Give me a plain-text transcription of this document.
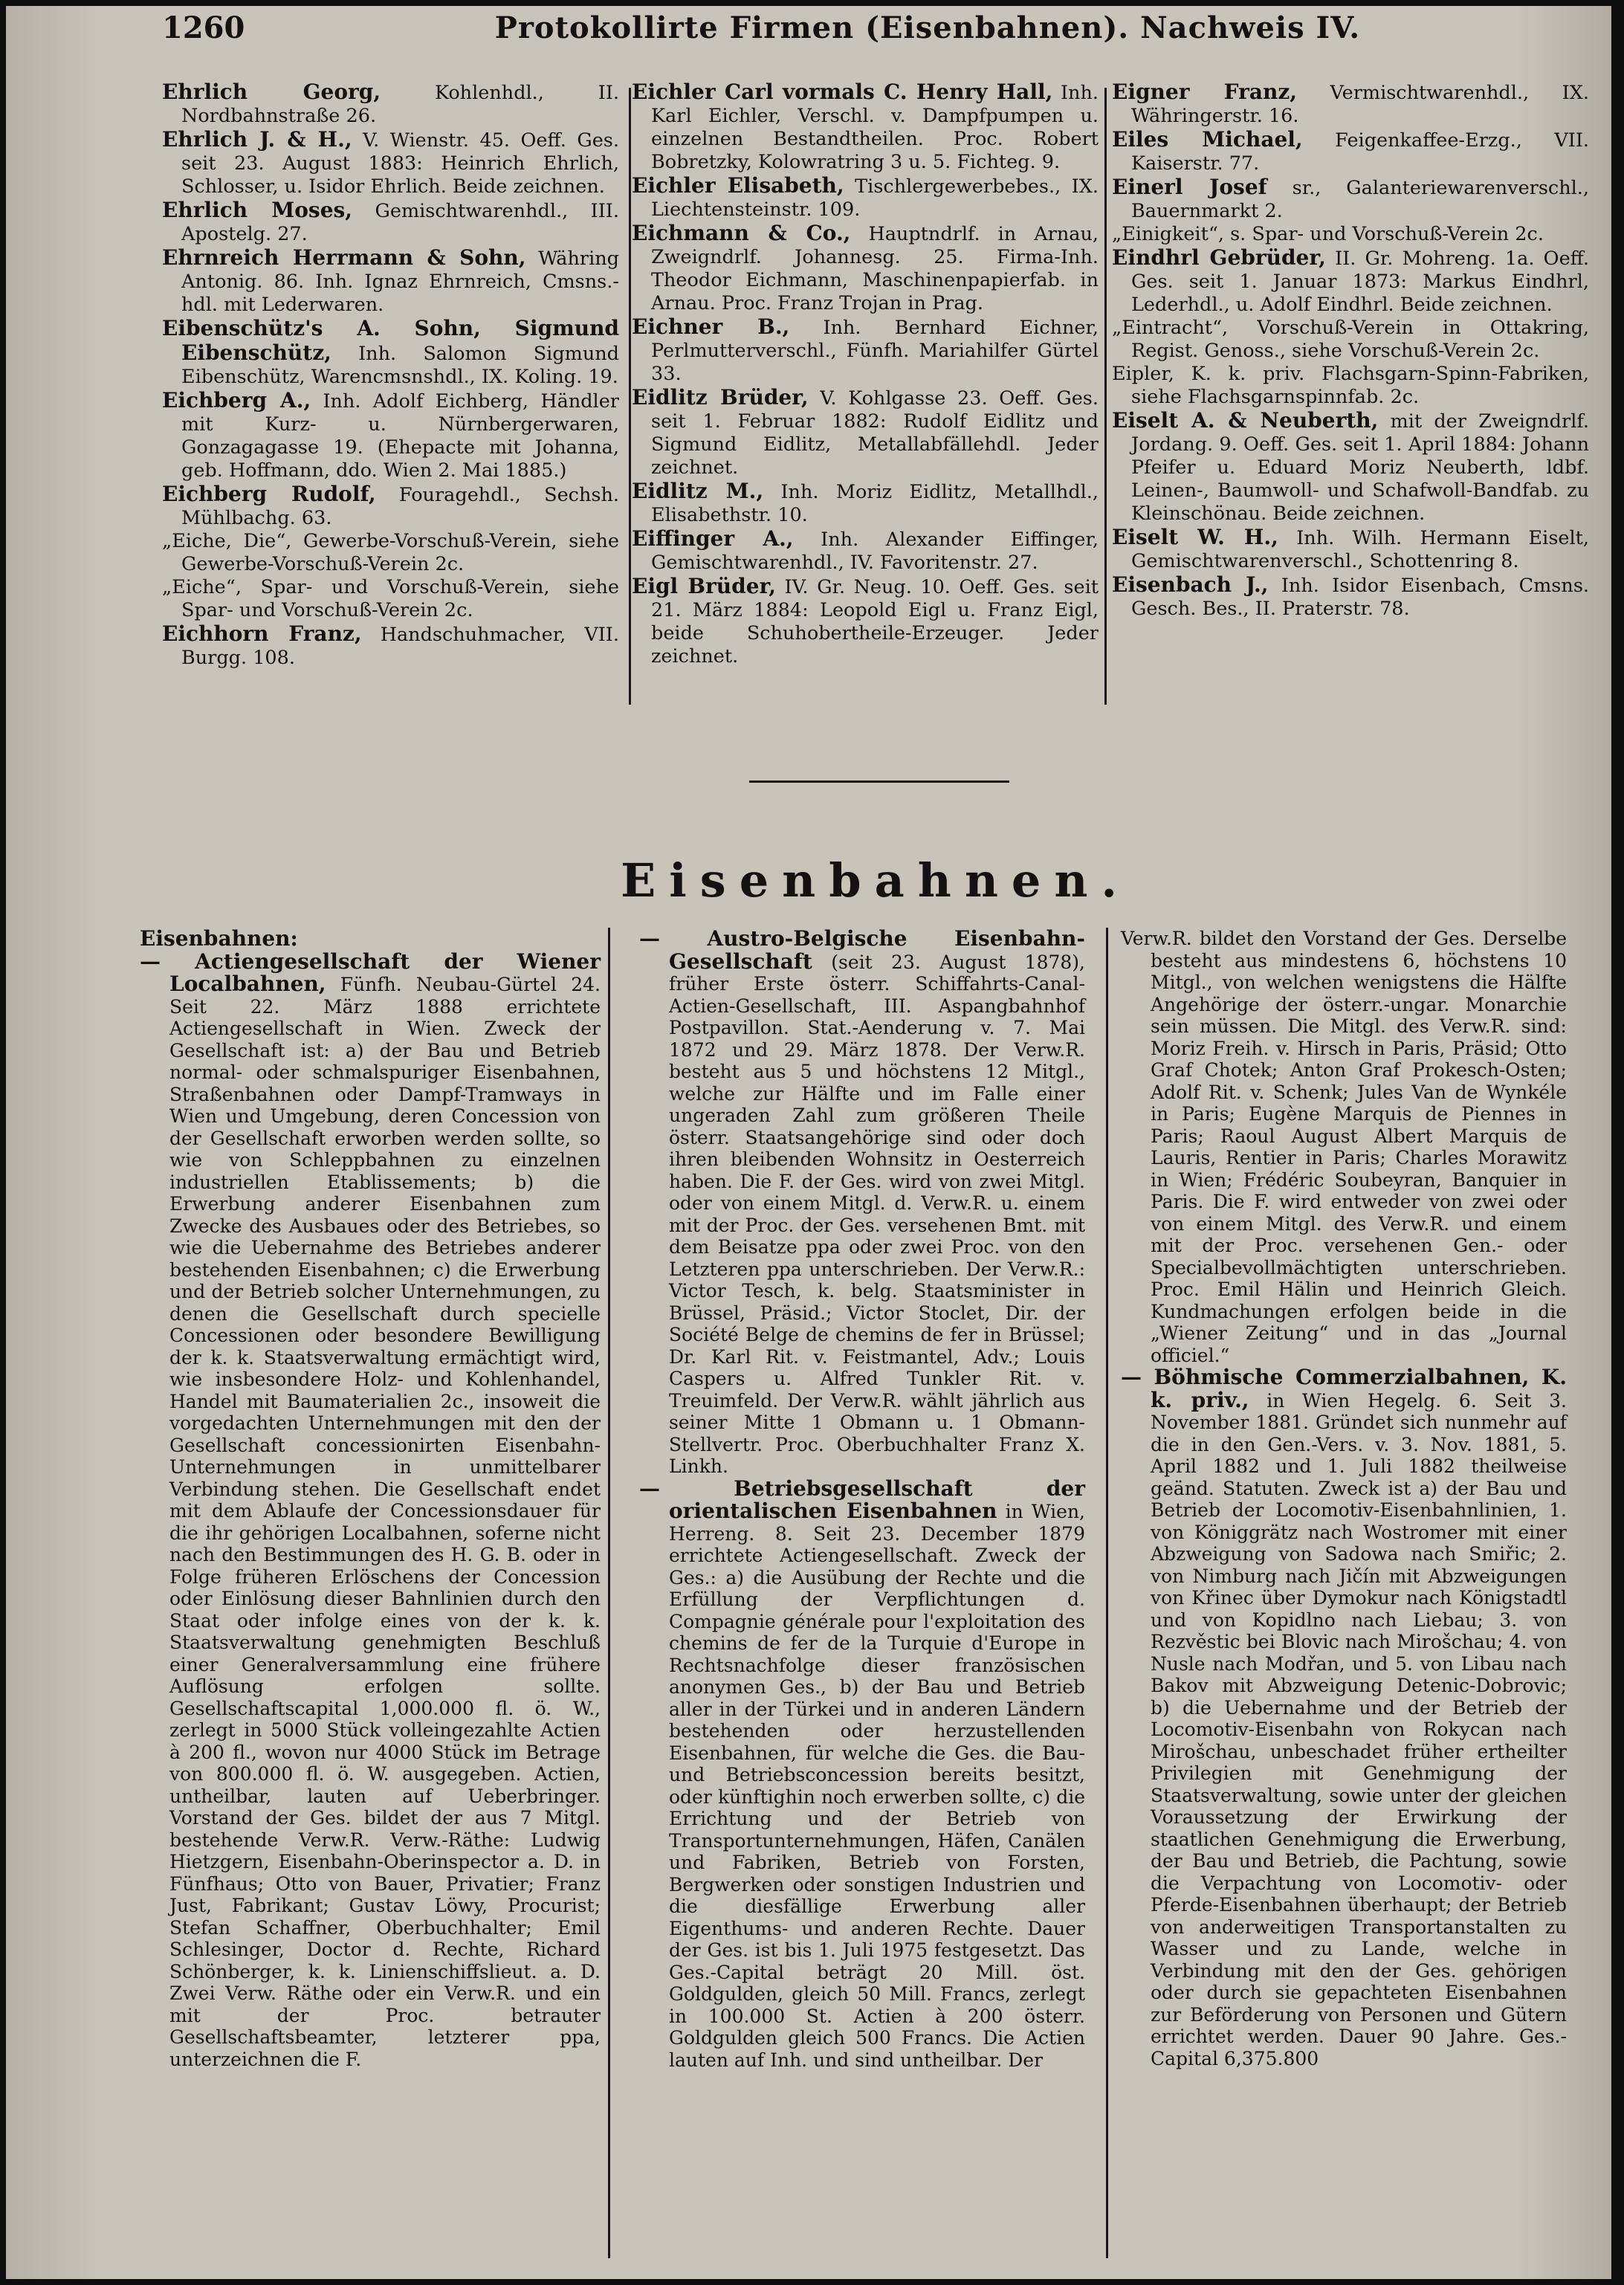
1260	Protokollirte Firmen (Eisenbahnen). Nachweis IV.

Ehrlich Georg,	Kohlenhdl., II. Nordbahnstraße 26.

Ehrlich J. & H., V. Wienstr. 45. Oeff. Ges. seit 23. August 1883: Heinrich Ehrlich, Schlosser, u. Isidor Ehrlich. Beide zeichnen.

Ehrlich Moses, Gemischtwarenhdl., III. Apostelg. 27.

Ehrnreich Herrmann & Sohn, Währing Antonig. 86. Inh. Ignaz Ehrnreich, Cmsns.-hdl. mit Lederwaren.

Eibenschütz's A. Sohn, Sigmund Eibenschütz, Inh. Salomon Sigmund Eibenschütz, Warencmsnshdl., IX. Koling. 19.

Eichberg A., Inh. Adolf Eichberg, Händler mit Kurz- u. Nürnbergerwaren, Gonzagagasse 19. (Ehepacte mit Johanna, geb. Hoffmann, ddo. Wien 2. Mai 1885.)

Eichberg Rudolf, Fouragehdl., Sechsh. Mühlbachg. 63.

„Eiche, Die“, Gewerbe-Vorschuß-Verein, siehe Gewerbe-Vorschuß-Verein 2c.

„Eiche“, Spar- und Vorschuß-Verein, siehe Spar- und Vorschuß-Verein 2c.

Eichhorn Franz, Handschuhmacher, VII. Burgg. 108.

Eichler Carl vormals C. Henry Hall, Inh. Karl Eichler, Verschl. v. Dampfpumpen u. einzelnen Bestandtheilen. Proc. Robert Bobretzky, Kolowratring 3 u. 5. Fichteg. 9.

Eichler Elisabeth, Tischlergewerbebes., IX. Liechtensteinstr. 109.

Eichmann & Co., Hauptndrlf. in Arnau, Zweigndrlf. Johannesg. 25. Firma-Inh. Theodor Eichmann, Maschinenpapierfab. in Arnau. Proc. Franz Trojan in Prag.

Eichner B., Inh. Bernhard Eichner, Perlmutterverschl., Fünfh. Mariahilfer Gürtel 33.

Eidlitz Brüder, V. Kohlgasse 23. Oeff. Ges. seit 1. Februar 1882: Rudolf Eidlitz und Sigmund Eidlitz, Metallabfällehdl. Jeder zeichnet.

Eidlitz M., Inh. Moriz Eidlitz, Metallhdl., Elisabethstr. 10.

Eiffinger A., Inh. Alexander Eiffinger, Gemischtwarenhdl., IV. Favoritenstr. 27.

Eigl Brüder, IV. Gr. Neug. 10. Oeff. Ges. seit 21. März 1884: Leopold Eigl u. Franz Eigl, beide Schuhobertheile-Erzeuger. Jeder zeichnet.

Eigner Franz, Vermischtwarenhdl., IX. Währingerstr. 16.

Eiles Michael, Feigenkaffee-Erzg., VII. Kaiserstr. 77.

Einerl Josef sr., Galanteriewarenverschl., Bauernmarkt 2.

„Einigkeit“, s. Spar- und Vorschuß-Verein 2c.

Eindhrl Gebrüder, II. Gr. Mohreng. 1a. Oeff. Ges. seit 1. Januar 1873: Markus Eindhrl, Lederhdl., u. Adolf Eindhrl. Beide zeichnen.

„Eintracht“, Vorschuß-Verein in Ottakring, Regist. Genoss., siehe Vorschuß-Verein 2c.

Eipler, K. k. priv. Flachsgarn-Spinn-Fabriken, siehe Flachsgarnspinnfab. 2c.

Eiselt A. & Neuberth, mit der Zweigndrlf. Jordang. 9. Oeff. Ges. seit 1. April 1884: Johann Pfeifer u. Eduard Moriz Neuberth, ldbf. Leinen-, Baumwoll- und Schafwoll-Bandfab. zu Kleinschönau. Beide zeichnen.

Eiselt W. H., Inh. Wilh. Hermann Eiselt, Gemischtwarenverschl., Schottenring 8.

Eisenbach J., Inh. Isidor Eisenbach, Cmsns. Gesch. Bes., II. Praterstr. 78.

Eisenbahnen.

Eisenbahnen:

— Actiengesellschaft der Wiener Localbahnen, Fünfh. Neubau-Gürtel 24. Seit 22. März 1888 errichtete Actiengesellschaft in Wien. Zweck der Gesellschaft ist: a) der Bau und Betrieb normal- oder schmalspuriger Eisenbahnen, Straßenbahnen oder Dampf-Tramways in Wien und Umgebung, deren Concession von der Gesellschaft erworben werden sollte, so wie von Schleppbahnen zu einzelnen industriellen Etablissements; b) die Erwerbung anderer Eisenbahnen zum Zwecke des Ausbaues oder des Betriebes, so wie die Uebernahme des Betriebes anderer bestehenden Eisenbahnen; c) die Erwerbung und der Betrieb solcher Unternehmungen, zu denen die Gesellschaft durch specielle Concessionen oder besondere Bewilligung der k. k. Staatsverwaltung ermächtigt wird, wie insbesondere Holz- und Kohlenhandel, Handel mit Baumaterialien 2c., insoweit die vorgedachten Unternehmungen mit den der Gesellschaft concessionirten Eisenbahn-Unternehmungen in unmittelbarer Verbindung stehen. Die Gesellschaft endet mit dem Ablaufe der Concessionsdauer für die ihr gehörigen Localbahnen, soferne nicht nach den Bestimmungen des H. G. B. oder in Folge früheren Erlöschens der Concession oder Einlösung dieser Bahnlinien durch den Staat oder infolge eines von der k. k. Staatsverwaltung genehmigten Beschluß einer Generalversammlung eine frühere Auflösung erfolgen sollte. Gesellschaftscapital 1,000.000 fl. ö. W., zerlegt in 5000 Stück volleingezahlte Actien à 200 fl., wovon nur 4000 Stück im Betrage von 800.000 fl. ö. W. ausgegeben. Actien, untheilbar, lauten auf Ueberbringer. Vorstand der Ges. bildet der aus 7 Mitgl. bestehende Verw.R. Verw.-Räthe: Ludwig Hietzgern, Eisenbahn-Oberinspector a. D. in Fünfhaus; Otto von Bauer, Privatier; Franz Just, Fabrikant; Gustav Löwy, Procurist; Stefan Schaffner, Oberbuchhalter; Emil Schlesinger, Doctor d. Rechte, Richard Schönberger, k. k. Linienschiffslieut. a. D. Zwei Verw. Räthe oder ein Verw.R. und ein mit der Proc. betrauter Gesellschaftsbeamter, letzterer ppa, unterzeichnen die F.

— Austro-Belgische Eisenbahn-Gesellschaft (seit 23. August 1878), früher Erste österr. Schiffahrts-Canal-Actien-Gesellschaft, III. Aspangbahnhof Postpavillon. Stat.-Aenderung v. 7. Mai 1872 und 29. März 1878. Der Verw.R. besteht aus 5 und höchstens 12 Mitgl., welche zur Hälfte und im Falle einer ungeraden Zahl zum größeren Theile österr. Staatsangehörige sind oder doch ihren bleibenden Wohnsitz in Oesterreich haben. Die F. der Ges. wird von zwei Mitgl. oder von einem Mitgl. d. Verw.R. u. einem mit der Proc. der Ges. versehenen Bmt. mit dem Beisatze ppa oder zwei Proc. von den Letzteren ppa unterschrieben. Der Verw.R.: Victor Tesch, k. belg. Staatsminister in Brüssel, Präsid.; Victor Stoclet, Dir. der Société Belge de chemins de fer in Brüssel; Dr. Karl Rit. v. Feistmantel, Adv.; Louis Caspers u. Alfred Tunkler Rit. v. Treuimfeld. Der Verw.R. wählt jährlich aus seiner Mitte 1 Obmann u. 1 Obmann-Stellvertr. Proc. Oberbuchhalter Franz X. Linkh.

— Betriebsgesellschaft der orientalischen Eisenbahnen in Wien, Herreng. 8. Seit 23. December 1879 errichtete Actiengesellschaft. Zweck der Ges.: a) die Ausübung der Rechte und die Erfüllung der Verpflichtungen d. Compagnie générale pour l'exploitation des chemins de fer de la Turquie d'Europe in Rechtsnachfolge dieser französischen anonymen Ges., b) der Bau und Betrieb aller in der Türkei und in anderen Ländern bestehenden oder herzustellenden Eisenbahnen, für welche die Ges. die Bau- und Betriebsconcession bereits besitzt, oder künftighin noch erwerben sollte, c) die Errichtung und der Betrieb von Transportunternehmungen, Häfen, Canälen und Fabriken, Betrieb von Forsten, Bergwerken oder sonstigen Industrien und die diesfällige Erwerbung aller Eigenthums- und anderen Rechte. Dauer der Ges. ist bis 1. Juli 1975 festgesetzt. Das Ges.-Capital beträgt 20 Mill. öst. Goldgulden, gleich 50 Mill. Francs, zerlegt in 100.000 St. Actien à 200 österr. Goldgulden gleich 500 Francs. Die Actien lauten auf Inh. und sind untheilbar. Der

Verw.R. bildet den Vorstand der Ges. Derselbe besteht aus mindestens 6, höchstens 10 Mitgl., von welchen wenigstens die Hälfte Angehörige der österr.-ungar. Monarchie sein müssen. Die Mitgl. des Verw.R. sind: Moriz Freih. v. Hirsch in Paris, Präsid; Otto Graf Chotek; Anton Graf Prokesch-Osten; Adolf Rit. v. Schenk; Jules Van de Wynkéle in Paris; Eugène Marquis de Piennes in Paris; Raoul August Albert Marquis de Lauris, Rentier in Paris; Charles Morawitz in Wien; Frédéric Soubeyran, Banquier in Paris. Die F. wird entweder von zwei oder von einem Mitgl. des Verw.R. und einem mit der Proc. versehenen Gen.- oder Specialbevollmächtigten unterschrieben. Proc. Emil Hälin und Heinrich Gleich. Kundmachungen erfolgen beide in die „Wiener Zeitung“ und in das „Journal officiel.“

— Böhmische Commerzialbahnen, K. k. priv., in Wien Hegelg. 6. Seit 3. November 1881. Gründet sich nunmehr auf die in den Gen.-Vers. v. 3. Nov. 1881, 5. April 1882 und 1. Juli 1882 theilweise geänd. Statuten. Zweck ist a) der Bau und Betrieb der Locomotiv-Eisenbahnlinien, 1. von Königgrätz nach Wostromer mit einer Abzweigung von Sadowa nach Smiřic; 2. von Nimburg nach Jičín mit Abzweigungen von Křinec über Dymokur nach Königstadtl und von Kopidlno nach Liebau; 3. von Rezvěstic bei Blovic nach Mirošchau; 4. von Nusle nach Modřan, und 5. von Libau nach Bakov mit Abzweigung Detenic-Dobrovic; b) die Uebernahme und der Betrieb der Locomotiv-Eisenbahn von Rokycan nach Mirošchau, unbeschadet früher ertheilter Privilegien mit Genehmigung der Staatsverwaltung, sowie unter der gleichen Voraussetzung der Erwirkung der staatlichen Genehmigung die Erwerbung, der Bau und Betrieb, die Pachtung, sowie die Verpachtung von Locomotiv- oder Pferde-Eisenbahnen überhaupt; der Betrieb von anderweitigen Transportanstalten zu Wasser und zu Lande, welche in Verbindung mit den der Ges. gehörigen oder durch sie gepachteten Eisenbahnen zur Beförderung von Personen und Gütern errichtet werden. Dauer 90 Jahre. Ges.-Capital 6,375.800
